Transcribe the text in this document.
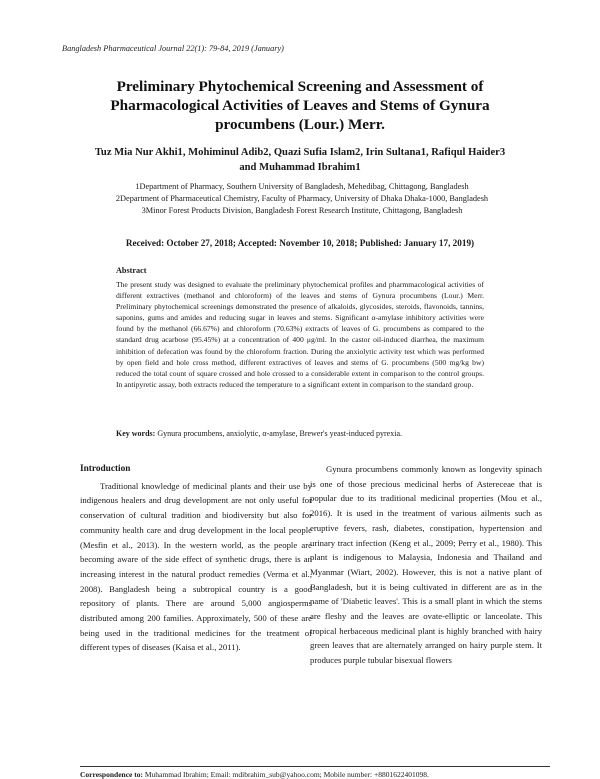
Bangladesh Pharmaceutical Journal 22(1): 79-84, 2019 (January)
Preliminary Phytochemical Screening and Assessment of Pharmacological Activities of Leaves and Stems of Gynura procumbens (Lour.) Merr.
Tuz Mia Nur Akhi1, Mohiminul Adib2, Quazi Sufia Islam2, Irin Sultana1, Rafiqul Haider3 and Muhammad Ibrahim1
1Department of Pharmacy, Southern University of Bangladesh, Mehedibag, Chittagong, Bangladesh
2Department of Pharmaceutical Chemistry, Faculty of Pharmacy, University of Dhaka Dhaka-1000, Bangladesh
3Minor Forest Products Division, Bangladesh Forest Research Institute, Chittagong, Bangladesh
Received: October 27, 2018; Accepted: November 10, 2018; Published: January 17, 2019)
Abstract
The present study was designed to evaluate the preliminary phytochemical profiles and pharmmacological activities of different extractives (methanol and chloroform) of the leaves and stems of Gynura procumbens (Lour.) Merr. Preliminary phytochemical screenings demonstrated the presence of alkaloids, glycosides, steroids, flavonoids, tannins, saponins, gums and amides and reducing sugar in leaves and stems. Significant α-amylase inhibitory activities were found by the methanol (66.67%) and chloroform (70.63%) extracts of leaves of G. procumbens as compared to the standard drug acarbose (95.45%) at a concentration of 400 μg/ml. In the castor oil-induced diarrhea, the maximum inhibition of defecation was found by the chloroform fraction. During the anxiolytic activity test which was performed by open field and hole cross method, different extractives of leaves and stems of G. procumbens (500 mg/kg bw) reduced the total count of square crossed and hole crossed to a considerable extent in comparison to the control groups. In antipyretic assay, both extracts reduced the temperature to a significant extent in comparison to the standard group.
Key words: Gynura procumbens, anxiolytic, α-amylase, Brewer's yeast-induced pyrexia.
Introduction

Traditional knowledge of medicinal plants and their use by indigenous healers and drug development are not only useful for conservation of cultural tradition and biodiversity but also for community health care and drug development in the local people (Mesfin et al., 2013). In the western world, as the people are becoming aware of the side effect of synthetic drugs, there is an increasing interest in the natural product remedies (Verma et al., 2008). Bangladesh being a subtropical country is a good repository of plants. There are around 5,000 angiosperms distributed among 200 families. Approximately, 500 of these are being used in the traditional medicines for the treatment of different types of diseases (Kaisa et al., 2011).

Gynura procumbens commonly known as longevity spinach is one of those precious medicinal herbs of Astereceae that is popular due to its traditional medicinal properties (Mou et al., 2016). It is used in the treatment of various ailments such as eruptive fevers, rash, diabetes, constipation, hypertension and urinary tract infection (Keng et al., 2009; Perry et al., 1980). This plant is indigenous to Malaysia, Indonesia and Thailand and Myanmar (Wiart, 2002). However, this is not a native plant of Bangladesh, but it is being cultivated in different are as in the name of 'Diabetic leaves'. This is a small plant in which the stems are fleshy and the leaves are ovate-elliptic or lanceolate. This tropical herbaceous medicinal plant is highly branched with hairy green leaves that are alternately arranged on hairy purple stem. It produces purple tubular bisexual flowers

Correspondence to: Muhammad Ibrahim; Email: mdibrahim_sub@yahoo.com; Mobile number: +8801622401098.
